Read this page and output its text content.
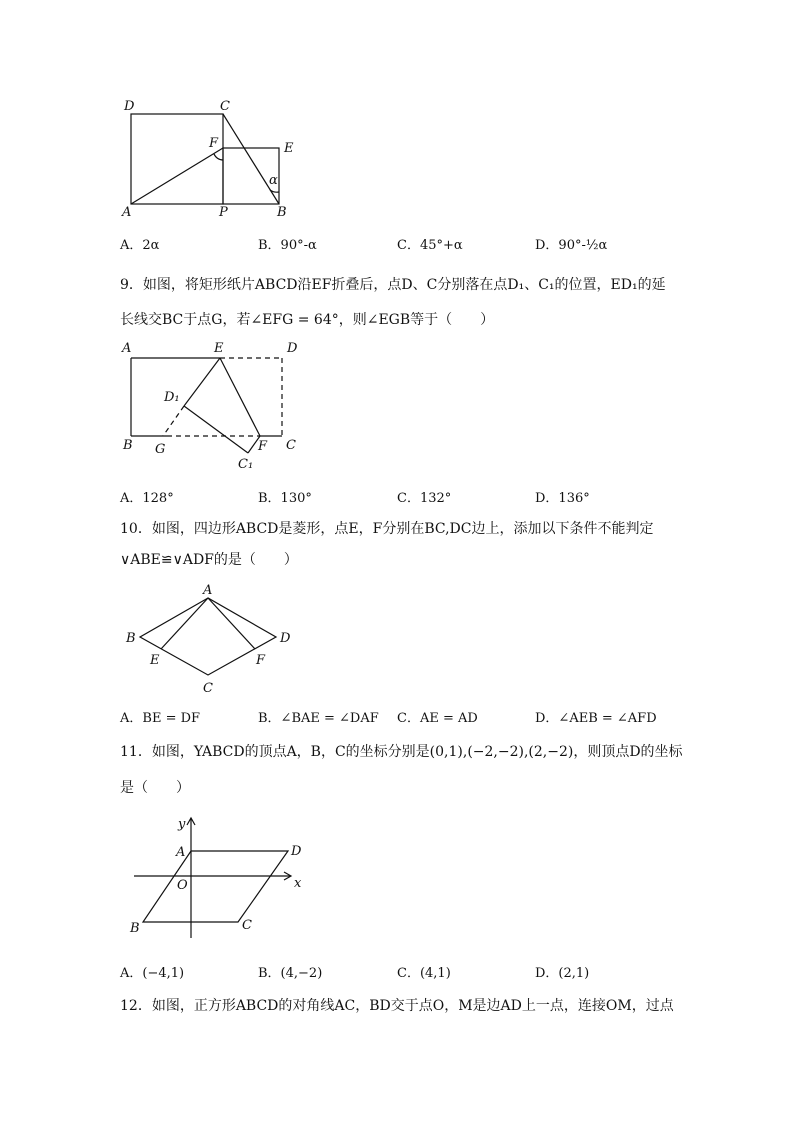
D	C
F	E
α
A	P	B
A．2α	B．90°-α	C．45°+α	D．90°-½α
9．如图，将矩形纸片ABCD沿EF折叠后，点D、C分别落在点D₁、C₁的位置，ED₁的延
长线交BC于点G，若∠EFG = 64°，则∠EGB等于（　　）
A	E	D
D₁
B G	F C
C₁
A．128°	B．130°	C．132°	D．136°
10．如图，四边形ABCD是菱形，点E，F分别在BC,DC边上，添加以下条件不能判定
∨ABE≌∨ADF的是（　　）
A
B	D
E	F
C
A．BE = DF	B．∠BAE = ∠DAF C．AE = AD	D．∠AEB = ∠AFD
11．如图，YABCD的顶点A，B，C的坐标分别是(0,1),(−2,−2),(2,−2)，则顶点D的坐标
是（　　）
y
A	D
O	x
B	C
A．(−4,1)	B．(4,−2)	C．(4,1)	D．(2,1)
12．如图，正方形ABCD的对角线AC，BD交于点O，M是边AD上一点，连接OM，过点
